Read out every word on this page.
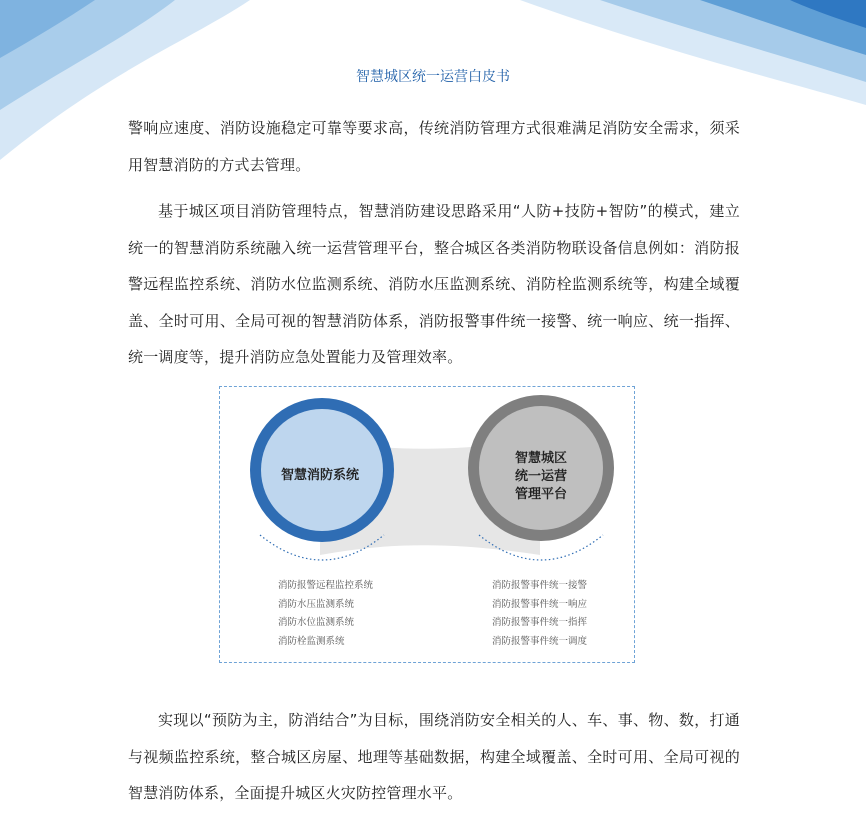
智慧城区统一运营白皮书

警响应速度、消防设施稳定可靠等要求高，传统消防管理方式很难满足消防安全需求，须采用智慧消防的方式去管理。

基于城区项目消防管理特点，智慧消防建设思路采用“人防+技防+智防”的模式，建立统一的智慧消防系统融入统一运营管理平台，整合城区各类消防物联设备信息例如：消防报警远程监控系统、消防水位监测系统、消防水压监测系统、消防栓监测系统等，构建全域覆盖、全时可用、全局可视的智慧消防体系，消防报警事件统一接警、统一响应、统一指挥、统一调度等，提升消防应急处置能力及管理效率。

智慧消防系统
智慧城区
统一运营
管理平台
消防报警远程监控系统
消防水压监测系统
消防水位监测系统
消防栓监测系统
消防报警事件统一接警
消防报警事件统一响应
消防报警事件统一指挥
消防报警事件统一调度

实现以“预防为主，防消结合”为目标，围绕消防安全相关的人、车、事、物、数，打通与视频监控系统，整合城区房屋、地理等基础数据，构建全域覆盖、全时可用、全局可视的智慧消防体系，全面提升城区火灾防控管理水平。
